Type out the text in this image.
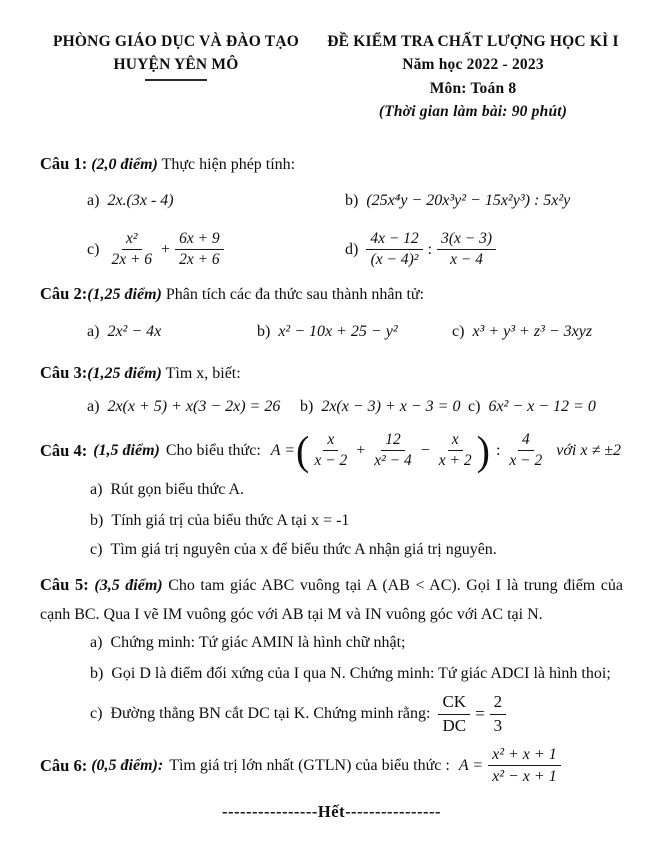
PHÒNG GIÁO DỤC VÀ ĐÀO TẠO
HUYỆN YÊN MÔ
ĐỀ KIỂM TRA CHẤT LƯỢNG HỌC KÌ I
Năm học 2022 - 2023
Môn: Toán 8
(Thời gian làm bài: 90 phút)

Câu 1: (2,0 điểm) Thực hiện phép tính:

a) 2x.(3x - 4)	b) (25x⁴y − 20x³y² − 15x²y³) : 5x²y
$c) \frac{\text{x²}}{2x + 6} + \frac{6x + 9}{2x + 6}$	$d) \frac{4x - 12}{\text{(x − 4)²}}$ : $\frac{3(x - 3)}{x - 4}$

Câu 2:(1,25 điểm) Phân tích các đa thức sau thành nhân tử:

a) 2x² − 4x	b) x² − 10x + 25 − y²	c) x³ + y³ + z³ − 3xyz

Câu 3:(1,25 điểm) Tìm x, biết:

a) 2x(x + 5) + x(3 − 2x) = 26 b) 2x(x − 3) + x − 3 = 0 c) 6x² − x − 12 = 0
Câu 4: (1,5 điểm) Cho biểu thức: A = ( $\frac{x}{x - 2} + \frac{12}{\text{x² − 4}} - \frac{x}{x + 2}$ ) : $\frac{4}{x - 2}$ với x ≠ ±2
a) Rút gọn biểu thức A.
b) Tính giá trị của biểu thức A tại x = -1
c) Tìm giá trị nguyên của x để biểu thức A nhận giá trị nguyên.

Câu 5: (3,5 điểm) Cho tam giác ABC vuông tại A (AB < AC). Gọi I là trung điểm của cạnh BC. Qua I vẽ IM vuông góc với AB tại M và IN vuông góc với AC tại N.

a) Chứng minh: Tứ giác AMIN là hình chữ nhật;
b) Gọi D là điểm đối xứng của I qua N. Chứng minh: Tứ giác ADCI là hình thoi;
c) Đường thẳng BN cắt DC tại K. Chứng minh rằng: $\frac{CK}{DC} = \frac{2}{3}$
Câu 6:
(0,5 điểm): Tìm giá trị lớn nhất (GTLN) của biểu thức : $A = \frac{\text{x² + x + 1}}{\text{x² − x + 1}}$
----------------Hết----------------
